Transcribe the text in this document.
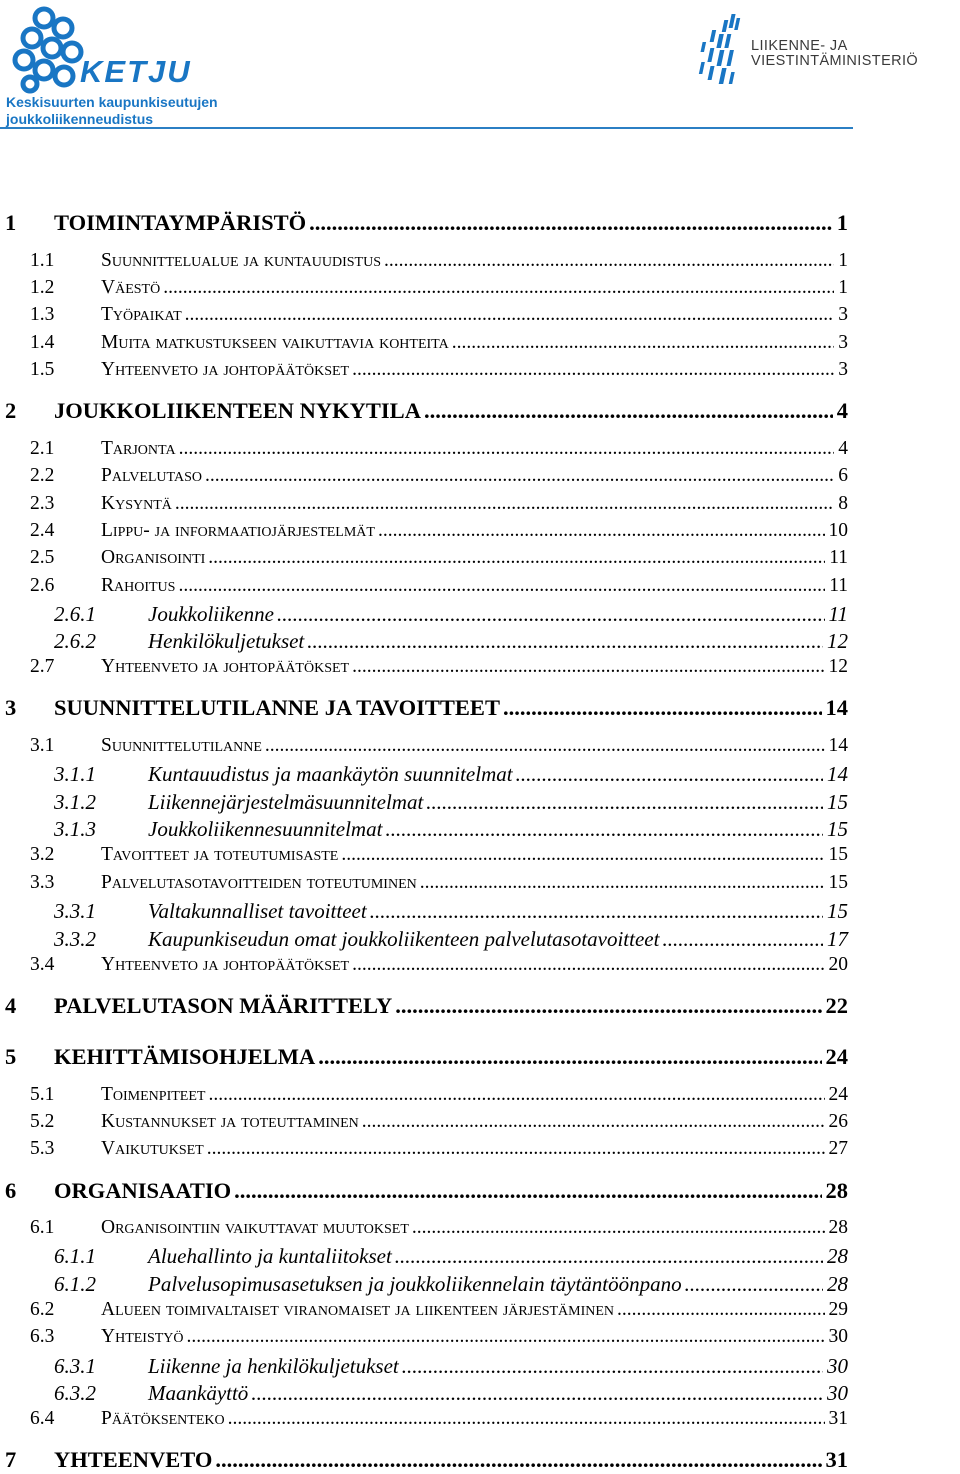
KETJU
Keskisuurten kaupunkiseutujen
joukkoliikenneudistus
LIIKENNE- JA
VIESTINTÄMINISTERIÖ
1 TOIMINTAYMPÄRISTÖ .....	1
1.1 Suunnittelualue ja kuntauudistus .....	1
1.2 Väestö .....	1
1.3 Työpaikat .....	3
1.4 Muita matkustukseen vaikuttavia kohteita .....	3
1.5 Yhteenveto ja johtopäätökset .....	3
2 JOUKKOLIIKENTEEN NYKYTILA .....	4
2.1 Tarjonta .....	4
2.2 Palvelutaso .....	6
2.3 Kysyntä .....	8
2.4 Lippu- ja informaatiojärjestelmät .....	10
2.5 Organisointi .....	11
2.6 Rahoitus .....	11
2.6.1 Joukkoliikenne .....	11
2.6.2 Henkilökuljetukset .....	12
2.7 Yhteenveto ja johtopäätökset .....	12
3 SUUNNITTELUTILANNE JA TAVOITTEET .....	14
3.1 Suunnittelutilanne .....	14
3.1.1 Kuntauudistus ja maankäytön suunnitelmat .....	14
3.1.2 Liikennejärjestelmäsuunnitelmat .....	15
3.1.3 Joukkoliikennesuunnitelmat .....	15
3.2 Tavoitteet ja toteutumisaste .....	15
3.3 Palvelutasotavoitteiden toteutuminen .....	15
3.3.1 Valtakunnalliset tavoitteet .....	15
3.3.2 Kaupunkiseudun omat joukkoliikenteen palvelutasotavoitteet .....	17
3.4 Yhteenveto ja johtopäätökset .....	20
4 PALVELUTASON MÄÄRITTELY .....	22
5 KEHITTÄMISOHJELMA .....	24
5.1 Toimenpiteet .....	24
5.2 Kustannukset ja toteuttaminen .....	26
5.3 Vaikutukset .....	27
6 ORGANISAATIO .....	28
6.1 Organisointiin vaikuttavat muutokset .....	28
6.1.1 Aluehallinto ja kuntaliitokset .....	28
6.1.2 Palvelusopimusasetuksen ja joukkoliikennelain täytäntöönpano .....	28
6.2 Alueen toimivaltaiset viranomaiset ja liikenteen järjestäminen .....	29
6.3 Yhteistyö .....	30
6.3.1 Liikenne ja henkilökuljetukset .....	30
6.3.2 Maankäyttö .....	30
6.4 Päätöksenteko .....	31
7 YHTEENVETO .....	31
